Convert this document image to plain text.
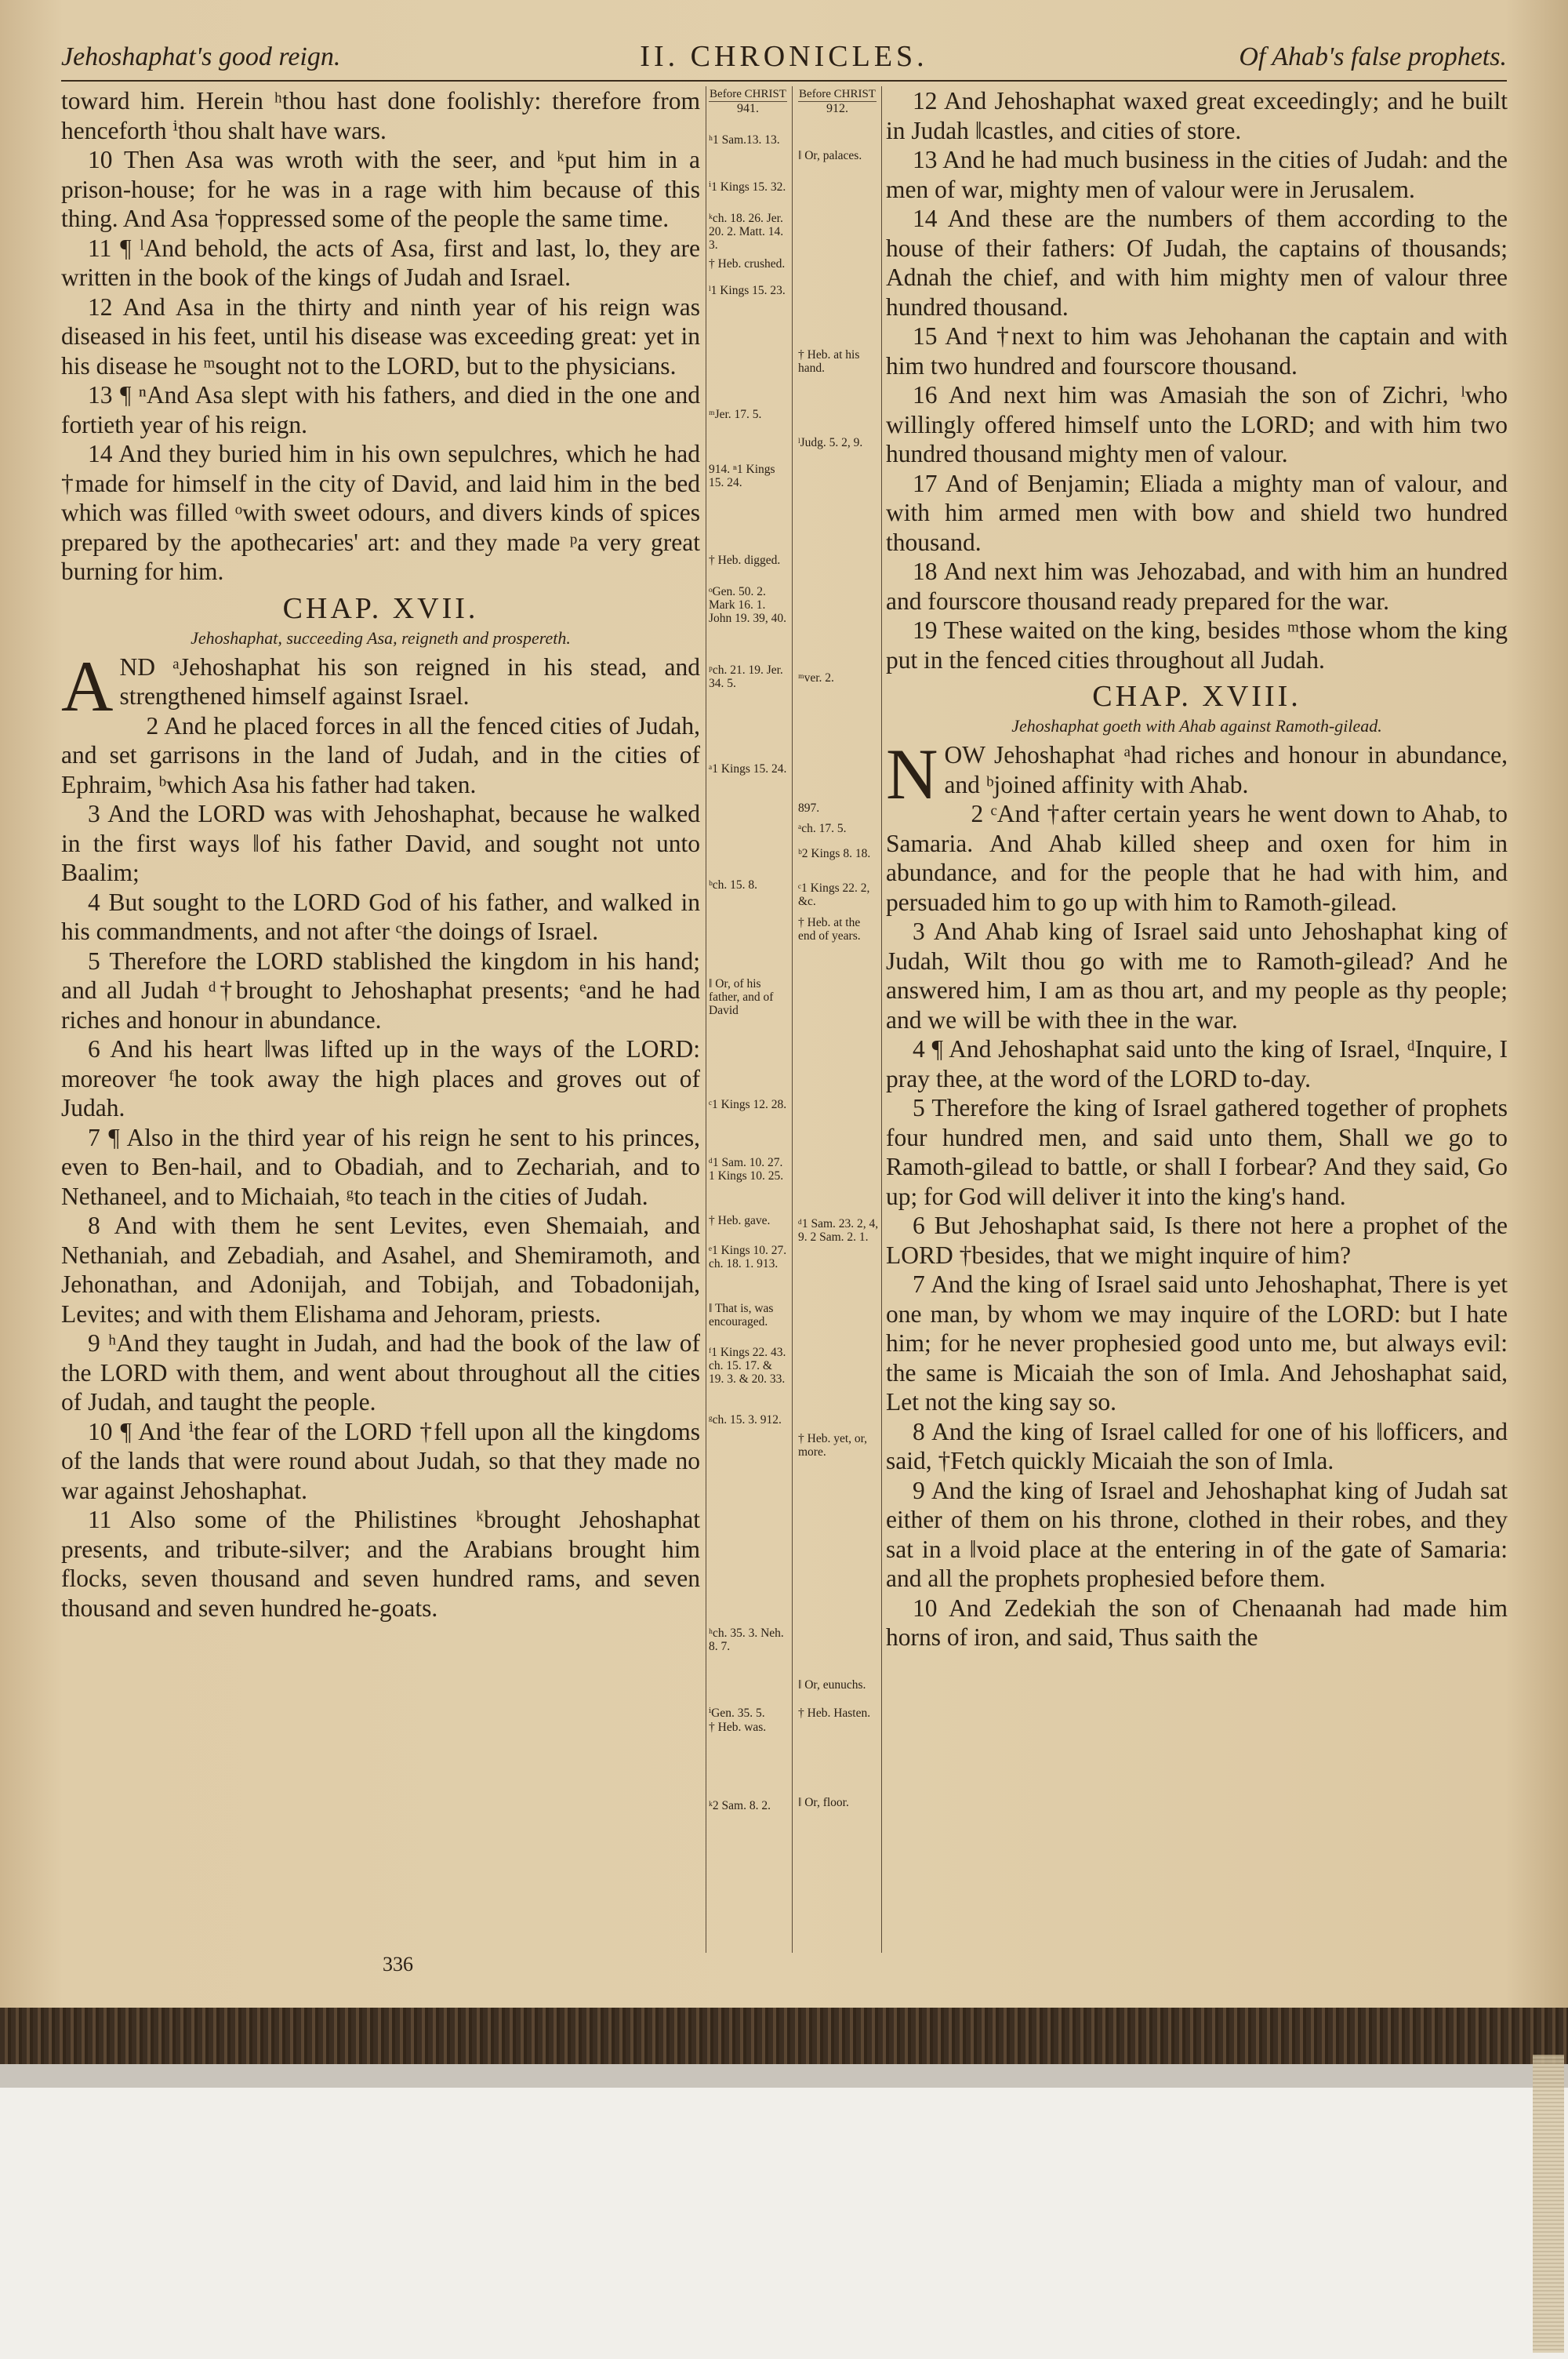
Jehoshaphat's good reign.	II. CHRONICLES.	Of Ahab's false prophets.

toward him. Herein ʰthou hast done foolishly: therefore from henceforth ⁱthou shalt have wars.

10 Then Asa was wroth with the seer, and ᵏput him in a prison-house; for he was in a rage with him because of this thing. And Asa †oppressed some of the people the same time.

11 ¶ ˡAnd behold, the acts of Asa, first and last, lo, they are written in the book of the kings of Judah and Israel.

12 And Asa in the thirty and ninth year of his reign was diseased in his feet, until his disease was exceeding great: yet in his disease he ᵐsought not to the LORD, but to the physicians.

13 ¶ ⁿAnd Asa slept with his fathers, and died in the one and fortieth year of his reign.

14 And they buried him in his own sepulchres, which he had †made for himself in the city of David, and laid him in the bed which was filled ᵒwith sweet odours, and divers kinds of spices prepared by the apothecaries' art: and they made ᵖa very great burning for him.

CHAP. XVII.
Jehoshaphat, succeeding Asa, reigneth and prospereth.

AND ᵃJehoshaphat his son reigned in his stead, and strengthened himself against Israel.

2 And he placed forces in all the fenced cities of Judah, and set garrisons in the land of Judah, and in the cities of Ephraim, ᵇwhich Asa his father had taken.

3 And the LORD was with Jehoshaphat, because he walked in the first ways ‖of his father David, and sought not unto Baalim;

4 But sought to the LORD God of his father, and walked in his commandments, and not after ᶜthe doings of Israel.

5 Therefore the LORD stablished the kingdom in his hand; and all Judah ᵈ†brought to Jehoshaphat presents; ᵉand he had riches and honour in abundance.

6 And his heart ‖was lifted up in the ways of the LORD: moreover ᶠhe took away the high places and groves out of Judah.

7 ¶ Also in the third year of his reign he sent to his princes, even to Ben-hail, and to Obadiah, and to Zechariah, and to Nethaneel, and to Michaiah, ᵍto teach in the cities of Judah.

8 And with them he sent Levites, even Shemaiah, and Nethaniah, and Zebadiah, and Asahel, and Shemiramoth, and Jehonathan, and Adonijah, and Tobijah, and Tobadonijah, Levites; and with them Elishama and Jehoram, priests.

9 ʰAnd they taught in Judah, and had the book of the law of the LORD with them, and went about throughout all the cities of Judah, and taught the people.

10 ¶ And ⁱthe fear of the LORD †fell upon all the kingdoms of the lands that were round about Judah, so that they made no war against Jehoshaphat.

11 Also some of the Philistines ᵏbrought Jehoshaphat presents, and tribute-silver; and the Arabians brought him flocks, seven thousand and seven hundred rams, and seven thousand and seven hundred he-goats.

Before CHRIST
941.
Before CHRIST
912.
ʰ1 Sam.13. 13.
ⁱ1 Kings 15. 32.
ᵏch. 18. 26. Jer. 20. 2. Matt. 14. 3.
† Heb. crushed.
ˡ1 Kings 15. 23.
ᵐJer. 17. 5.
914. ⁿ1 Kings 15. 24.
† Heb. digged.
ᵒGen. 50. 2. Mark 16. 1. John 19. 39, 40.
ᵖch. 21. 19. Jer. 34. 5.
ᵃ1 Kings 15. 24.
ᵇch. 15. 8.
‖ Or, of his father, and of David
ᶜ1 Kings 12. 28.
ᵈ1 Sam. 10. 27. 1 Kings 10. 25.
† Heb. gave.
ᵉ1 Kings 10. 27. ch. 18. 1. 913.
‖ That is, was encouraged.
ᶠ1 Kings 22. 43. ch. 15. 17. & 19. 3. & 20. 33.
ᵍch. 15. 3. 912.
ʰch. 35. 3. Neh. 8. 7.
ⁱGen. 35. 5.
† Heb. was.
ᵏ2 Sam. 8. 2.
‖ Or, palaces.
† Heb. at his hand.
ˡJudg. 5. 2, 9.
ᵐver. 2.
897.
ᵃch. 17. 5.
ᵇ2 Kings 8. 18.
ᶜ1 Kings 22. 2, &c.
† Heb. at the end of years.
ᵈ1 Sam. 23. 2, 4, 9. 2 Sam. 2. 1.
† Heb. yet, or, more.
‖ Or, eunuchs.
† Heb. Hasten.
‖ Or, floor.

12 And Jehoshaphat waxed great exceedingly; and he built in Judah ‖castles, and cities of store.

13 And he had much business in the cities of Judah: and the men of war, mighty men of valour were in Jerusalem.

14 And these are the numbers of them according to the house of their fathers: Of Judah, the captains of thousands; Adnah the chief, and with him mighty men of valour three hundred thousand.

15 And †next to him was Jehohanan the captain and with him two hundred and fourscore thousand.

16 And next him was Amasiah the son of Zichri, ˡwho willingly offered himself unto the LORD; and with him two hundred thousand mighty men of valour.

17 And of Benjamin; Eliada a mighty man of valour, and with him armed men with bow and shield two hundred thousand.

18 And next him was Jehozabad, and with him an hundred and fourscore thousand ready prepared for the war.

19 These waited on the king, besides ᵐthose whom the king put in the fenced cities throughout all Judah.

CHAP. XVIII.
Jehoshaphat goeth with Ahab against Ramoth-gilead.

NOW Jehoshaphat ᵃhad riches and honour in abundance, and ᵇjoined affinity with Ahab.

2 ᶜAnd †after certain years he went down to Ahab, to Samaria. And Ahab killed sheep and oxen for him in abundance, and for the people that he had with him, and persuaded him to go up with him to Ramoth-gilead.

3 And Ahab king of Israel said unto Jehoshaphat king of Judah, Wilt thou go with me to Ramoth-gilead? And he answered him, I am as thou art, and my people as thy people; and we will be with thee in the war.

4 ¶ And Jehoshaphat said unto the king of Israel, ᵈInquire, I pray thee, at the word of the LORD to-day.

5 Therefore the king of Israel gathered together of prophets four hundred men, and said unto them, Shall we go to Ramoth-gilead to battle, or shall I forbear? And they said, Go up; for God will deliver it into the king's hand.

6 But Jehoshaphat said, Is there not here a prophet of the LORD †besides, that we might inquire of him?

7 And the king of Israel said unto Jehoshaphat, There is yet one man, by whom we may inquire of the LORD: but I hate him; for he never prophesied good unto me, but always evil: the same is Micaiah the son of Imla. And Jehoshaphat said, Let not the king say so.

8 And the king of Israel called for one of his ‖officers, and said, †Fetch quickly Micaiah the son of Imla.

9 And the king of Israel and Jehoshaphat king of Judah sat either of them on his throne, clothed in their robes, and they sat in a ‖void place at the entering in of the gate of Samaria: and all the prophets prophesied before them.

10 And Zedekiah the son of Chenaanah had made him horns of iron, and said, Thus saith the

336
